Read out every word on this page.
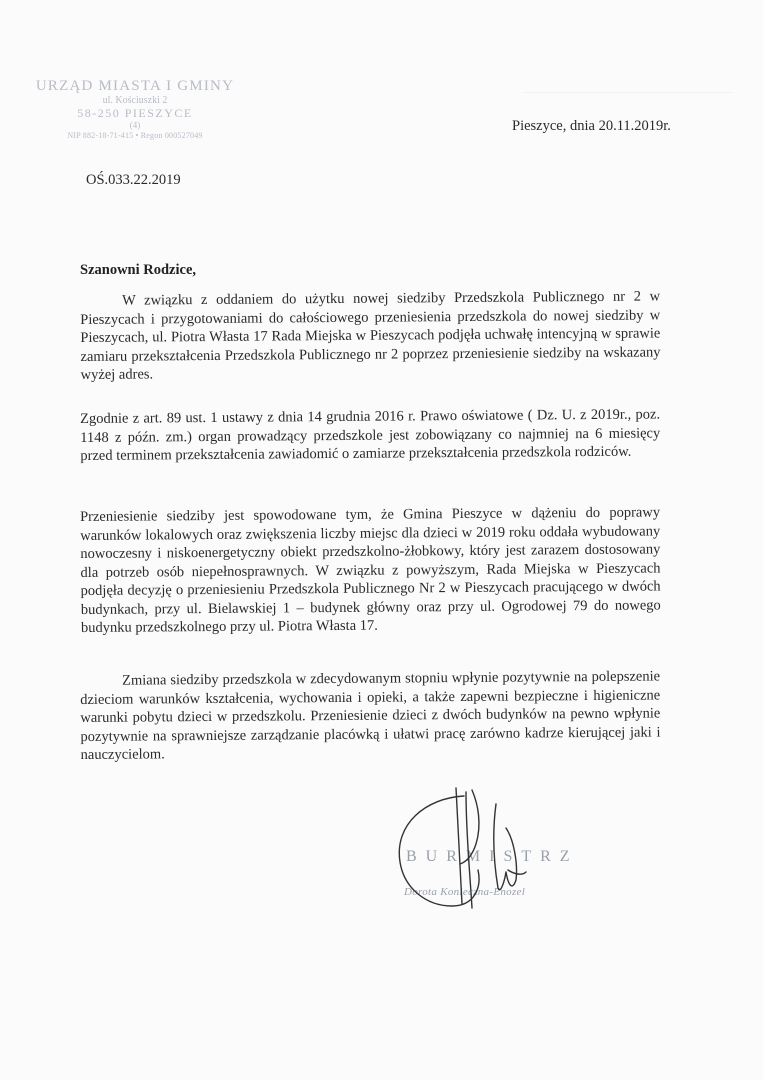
URZĄD MIASTA I GMINY
ul. Kościuszki 2
58-250 PIESZYCE
(4)
NIP 882-18-71-415 • Regon 000527049
Pieszyce, dnia 20.11.2019r.
OŚ.033.22.2019
Szanowni Rodzice,

W związku z oddaniem do użytku nowej siedziby Przedszkola Publicznego nr 2 w Pieszycach i przygotowaniami do całościowego przeniesienia przedszkola do nowej siedziby w Pieszycach, ul. Piotra Własta 17 Rada Miejska w Pieszycach podjęła uchwałę intencyjną w sprawie zamiaru przekształcenia Przedszkola Publicznego nr 2 poprzez przeniesienie siedziby na wskazany wyżej adres.

Zgodnie z art. 89 ust. 1 ustawy z dnia 14 grudnia 2016 r. Prawo oświatowe ( Dz. U. z 2019r., poz. 1148 z późn. zm.) organ prowadzący przedszkole jest zobowiązany co najmniej na 6 miesięcy przed terminem przekształcenia zawiadomić o zamiarze przekształcenia przedszkola rodziców.

Przeniesienie siedziby jest spowodowane tym, że Gmina Pieszyce w dążeniu do poprawy warunków lokalowych oraz zwiększenia liczby miejsc dla dzieci w 2019 roku oddała wybudowany nowoczesny i niskoenergetyczny obiekt przedszkolno-żłobkowy, który jest zarazem dostosowany dla potrzeb osób niepełnosprawnych. W związku z powyższym, Rada Miejska w Pieszycach podjęła decyzję o przeniesieniu Przedszkola Publicznego Nr 2 w Pieszycach pracującego w dwóch budynkach, przy ul. Bielawskiej 1 – budynek główny oraz przy ul. Ogrodowej 79 do nowego budynku przedszkolnego przy ul. Piotra Własta 17.

Zmiana siedziby przedszkola w zdecydowanym stopniu wpłynie pozytywnie na polepszenie dzieciom warunków kształcenia, wychowania i opieki, a także zapewni bezpieczne i higieniczne warunki pobytu dzieci w przedszkolu. Przeniesienie dzieci z dwóch budynków na pewno wpłynie pozytywnie na sprawniejsze zarządzanie placówką i ułatwi pracę zarówno kadrze kierującej jaki i nauczycielom.

BURMISTRZ
Dorota Konieczna-Enozel
